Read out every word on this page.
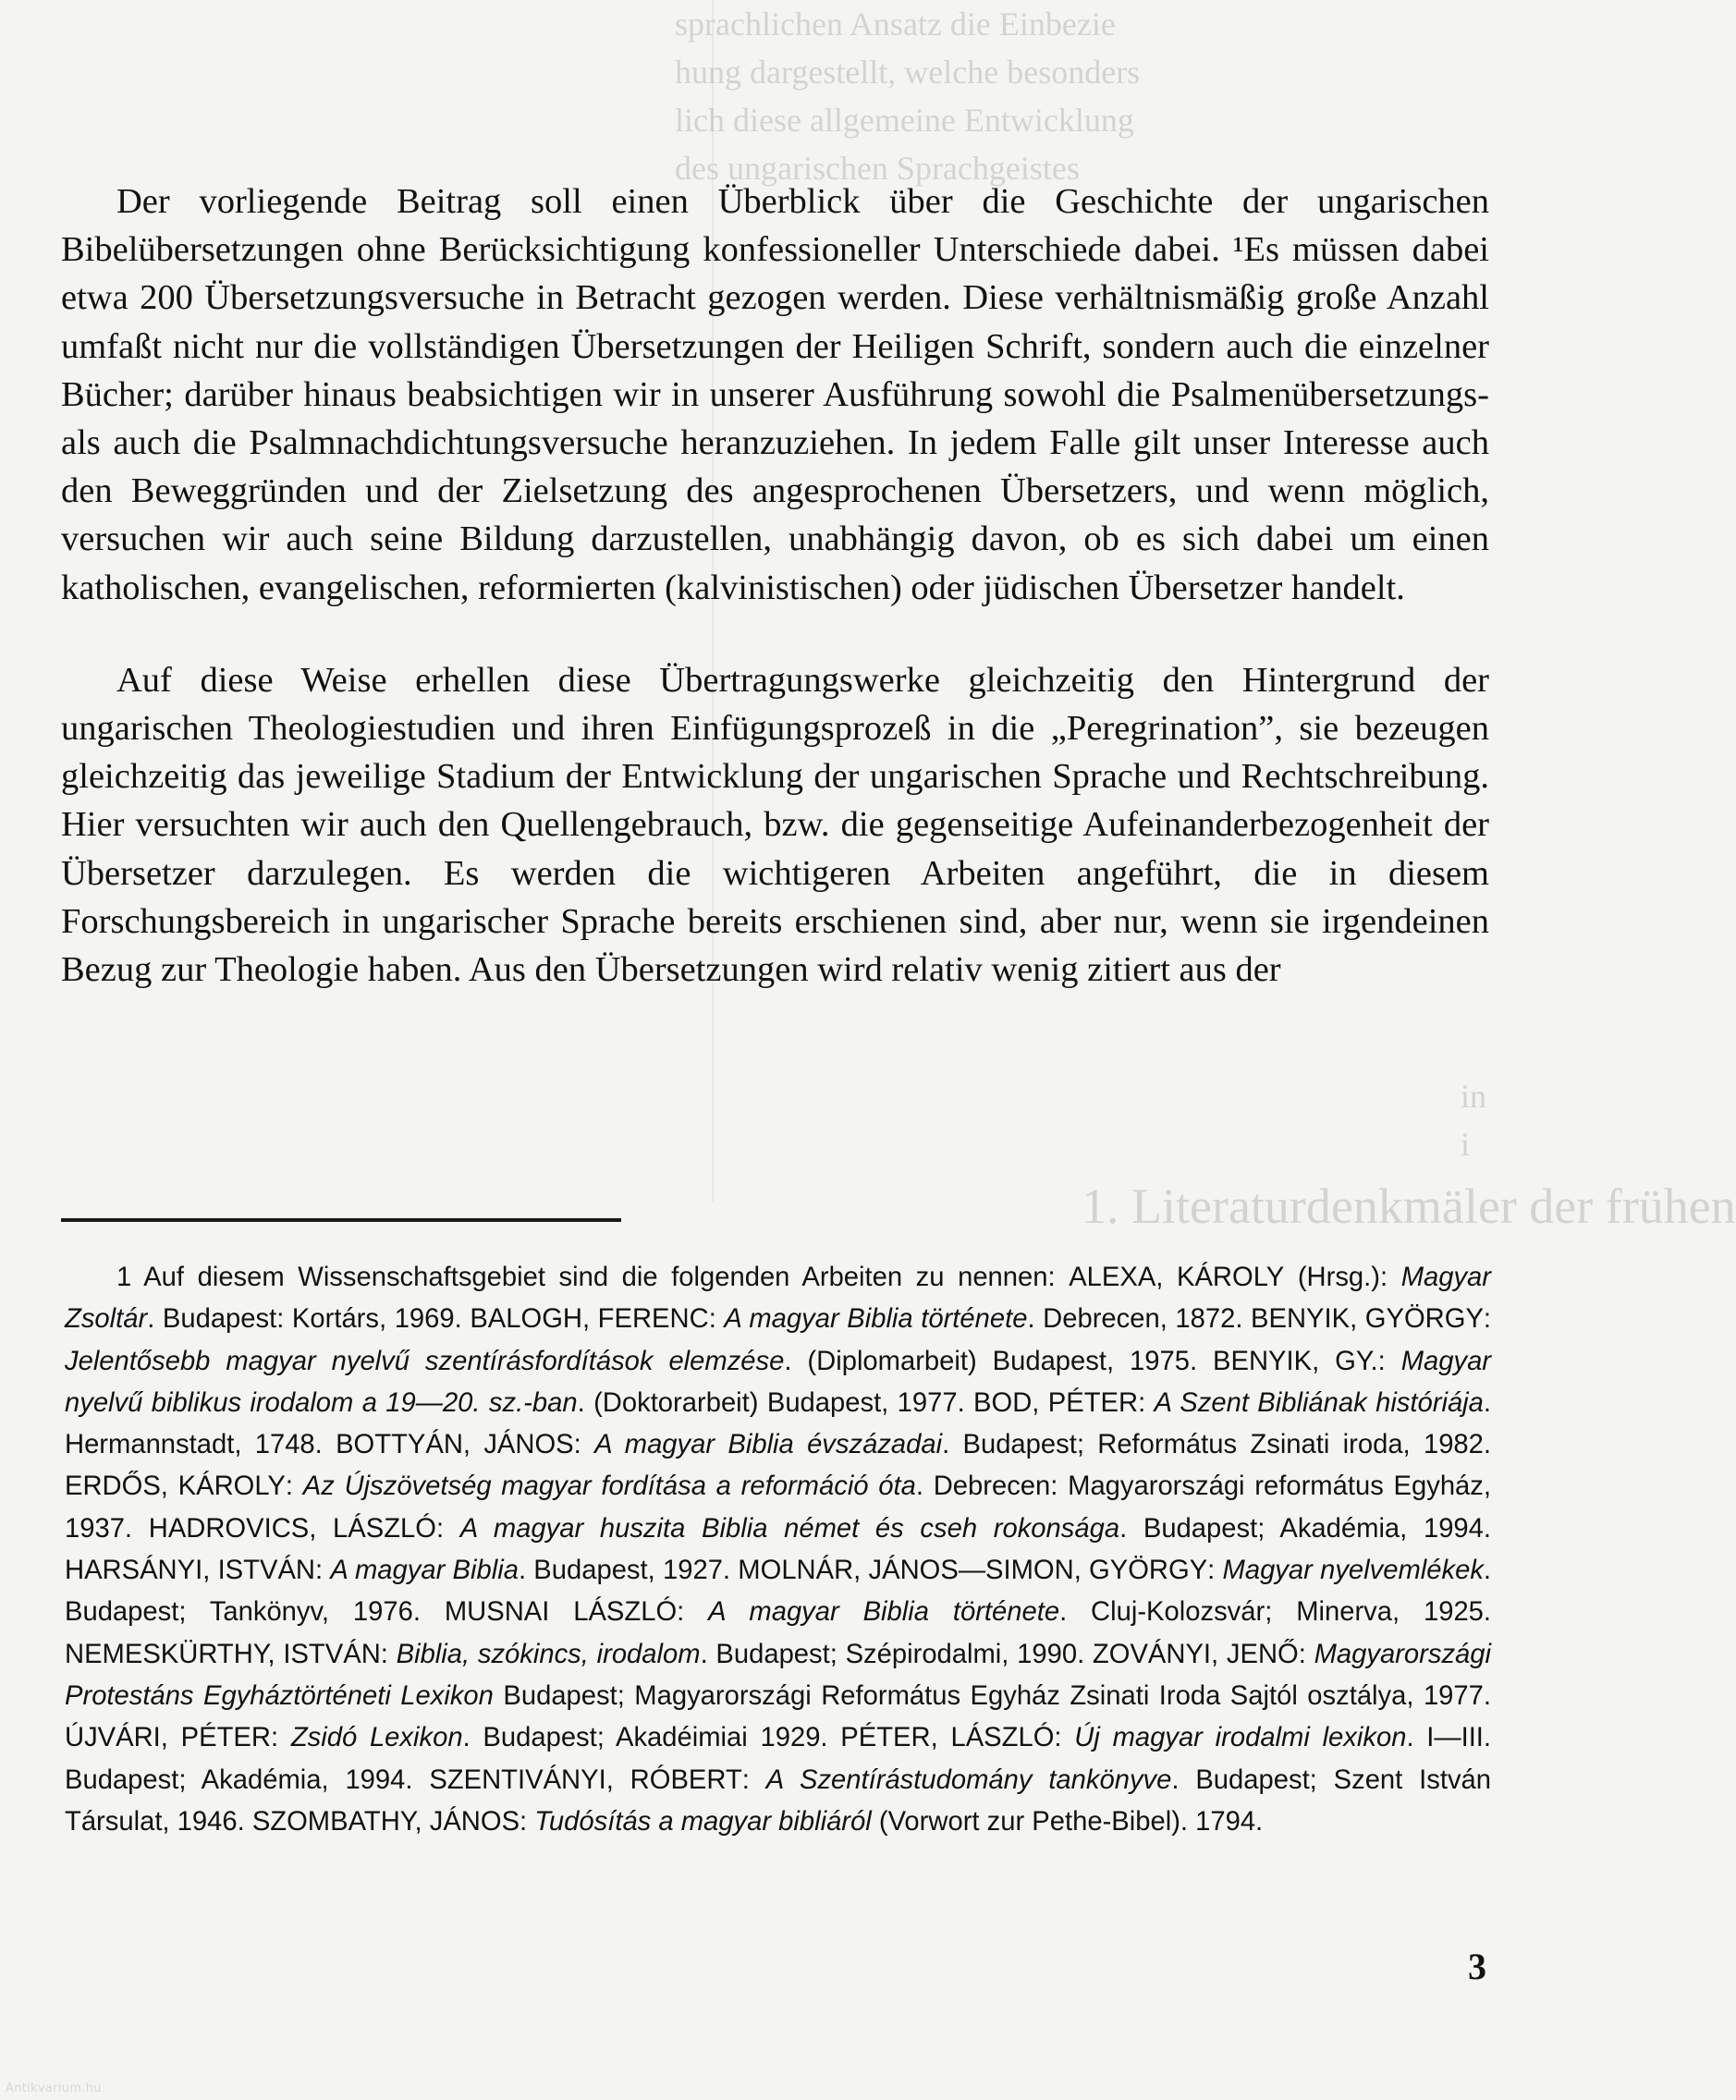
sprachlichen Ansatz die Einbezie
hung dargestellt, welche besonders
lich diese allgemeine Entwicklung
des ungarischen Sprachgeistes

in
i
1. Literaturdenkmäler der frühen

Der vorliegende Beitrag soll einen Überblick über die Geschichte der ungarischen Bibelübersetzungen ohne Berücksichtigung konfessioneller Unterschiede dabei. ¹Es müssen dabei etwa 200 Übersetzungsversuche in Betracht gezogen werden. Diese verhältnismäßig große Anzahl umfaßt nicht nur die vollständigen Übersetzungen der Heiligen Schrift, sondern auch die einzelner Bücher; darüber hinaus beabsichtigen wir in unserer Ausführung sowohl die Psalmenübersetzungs- als auch die Psalmnachdichtungsversuche heranzuziehen. In jedem Falle gilt unser Interesse auch den Beweggründen und der Zielsetzung des angesprochenen Übersetzers, und wenn möglich, versuchen wir auch seine Bildung darzustellen, unabhängig davon, ob es sich dabei um einen katholischen, evangelischen, reformierten (kalvinistischen) oder jüdischen Übersetzer handelt.

Auf diese Weise erhellen diese Übertragungswerke gleichzeitig den Hintergrund der ungarischen Theologiestudien und ihren Einfügungsprozeß in die „Peregrination”, sie bezeugen gleichzeitig das jeweilige Stadium der Entwicklung der ungarischen Sprache und Rechtschreibung. Hier versuchten wir auch den Quellengebrauch, bzw. die gegenseitige Aufeinanderbezogenheit der Übersetzer darzulegen. Es werden die wichtigeren Arbeiten angeführt, die in diesem Forschungsbereich in ungarischer Sprache bereits erschienen sind, aber nur, wenn sie irgendeinen Bezug zur Theologie haben. Aus den Übersetzungen wird relativ wenig zitiert aus der

1 Auf diesem Wissenschaftsgebiet sind die folgenden Arbeiten zu nennen: ALEXA, KÁROLY (Hrsg.): Magyar Zsoltár. Budapest: Kortárs, 1969. BALOGH, FERENC: A magyar Biblia története. Debrecen, 1872. BENYIK, GYÖRGY: Jelentősebb magyar nyelvű szentírásfordítások elemzése. (Diplomarbeit) Budapest, 1975. BENYIK, GY.: Magyar nyelvű biblikus irodalom a 19—20. sz.-ban. (Doktorarbeit) Budapest, 1977. BOD, PÉTER: A Szent Bibliának históriája. Hermannstadt, 1748. BOTTYÁN, JÁNOS: A magyar Biblia évszázadai. Budapest; Református Zsinati iroda, 1982. ERDŐS, KÁROLY: Az Újszövetség magyar fordítása a reformáció óta. Debrecen: Magyarországi református Egyház, 1937. HADROVICS, LÁSZLÓ: A magyar huszita Biblia német és cseh rokonsága. Budapest; Akadémia, 1994. HARSÁNYI, ISTVÁN: A magyar Biblia. Budapest, 1927. MOLNÁR, JÁNOS—SIMON, GYÖRGY: Magyar nyelvemlékek. Budapest; Tankönyv, 1976. MUSNAI LÁSZLÓ: A magyar Biblia története. Cluj-Kolozsvár; Minerva, 1925. NEMESKÜRTHY, ISTVÁN: Biblia, szókincs, irodalom. Budapest; Szépirodalmi, 1990. ZOVÁNYI, JENŐ: Magyarországi Protestáns Egyháztörténeti Lexikon Budapest; Magyarországi Református Egyház Zsinati Iroda Sajtól osztálya, 1977. ÚJVÁRI, PÉTER: Zsidó Lexikon. Budapest; Akadéimiai 1929. PÉTER, LÁSZLÓ: Új magyar irodalmi lexikon. I—III. Budapest; Akadémia, 1994. SZENTIVÁNYI, RÓBERT: A Szentírástudomány tankönyve. Budapest; Szent István Társulat, 1946. SZOMBATHY, JÁNOS: Tudósítás a magyar bibliáról (Vorwort zur Pethe-Bibel). 1794.

3
Antikvarium.hu
